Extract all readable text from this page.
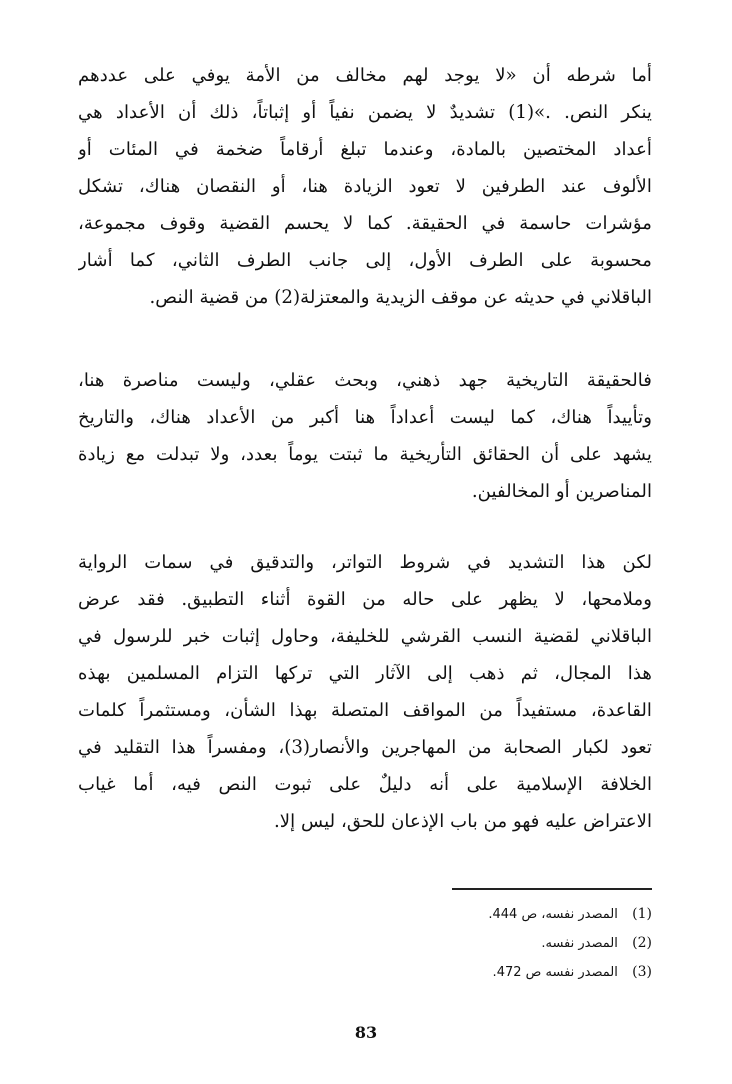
أما شرطه أن «لا يوجد لهم مخالف من الأمة يوفي على عددهم
ينكر النص. .»(1) تشديدٌ لا يضمن نفياً أو إثباتاً، ذلك أن الأعداد هي
أعداد المختصين بالمادة، وعندما تبلغ أرقاماً ضخمة في المئات أو
الألوف عند الطرفين لا تعود الزيادة هنا، أو النقصان هناك، تشكل
مؤشرات حاسمة في الحقيقة. كما لا يحسم القضية وقوف مجموعة،
محسوبة على الطرف الأول، إلى جانب الطرف الثاني، كما أشار
الباقلاني في حديثه عن موقف الزيدية والمعتزلة(2) من قضية النص.
فالحقيقة التاريخية جهد ذهني، وبحث عقلي، وليست مناصرة هنا،
وتأييداً هناك، كما ليست أعداداً هنا أكبر من الأعداد هناك، والتاريخ
يشهد على أن الحقائق التأريخية ما ثبتت يوماً بعدد، ولا تبدلت مع زيادة
المناصرين أو المخالفين.
لكن هذا التشديد في شروط التواتر، والتدقيق في سمات الرواية
وملامحها، لا يظهر على حاله من القوة أثناء التطبيق. فقد عرض
الباقلاني لقضية النسب القرشي للخليفة، وحاول إثبات خبر للرسول في
هذا المجال، ثم ذهب إلى الآثار التي تركها التزام المسلمين بهذه
القاعدة، مستفيداً من المواقف المتصلة بهذا الشأن، ومستثمراً كلمات
تعود لكبار الصحابة من المهاجرين والأنصار(3)، ومفسراً هذا التقليد في
الخلافة الإسلامية على أنه دليلٌ على ثبوت النص فيه، أما غياب
الاعتراض عليه فهو من باب الإذعان للحق، ليس إلا.
(1) المصدر نفسه، ص 444.
(2) المصدر نفسه.
(3) المصدر نفسه ص 472.
83
